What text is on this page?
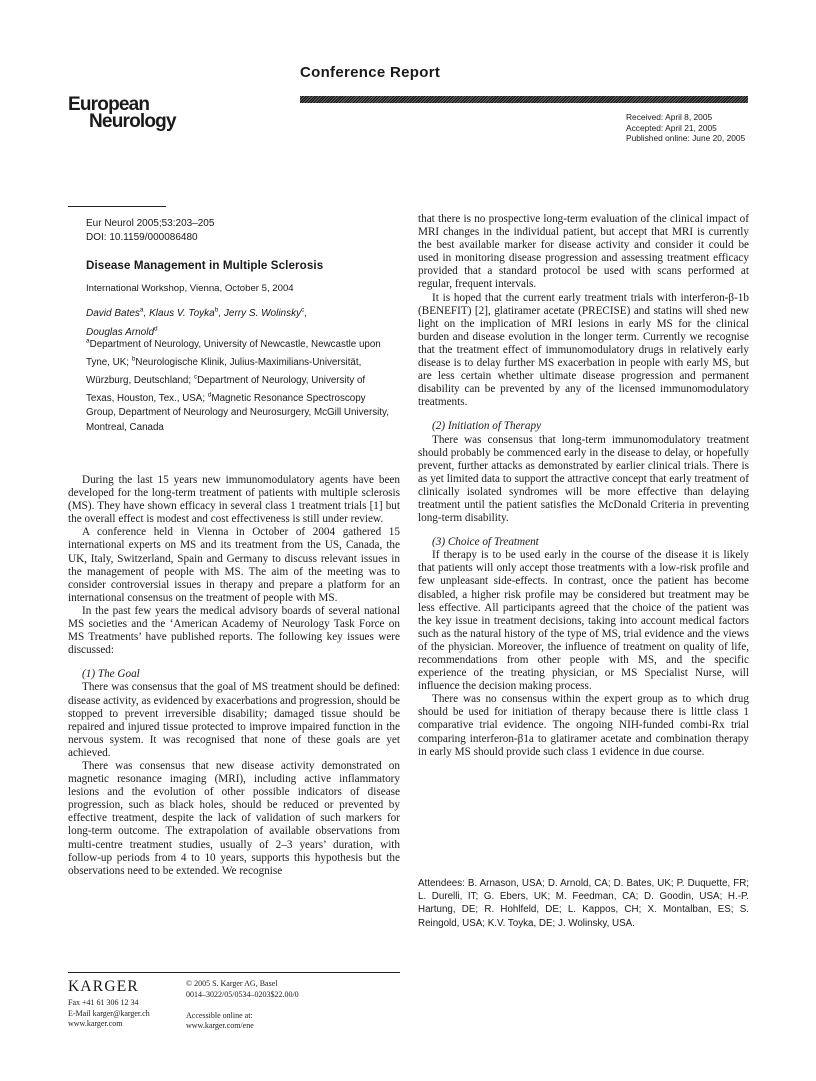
Conference Report
European
Neurology	Received: April 8, 2005
Accepted: April 21, 2005
Published online: June 20, 2005
Eur Neurol 2005;53:203–205
DOI: 10.1159/000086480
Disease Management in Multiple Sclerosis
International Workshop, Vienna, October 5, 2004
David Bates$^a$, Klaus V. Toyka$^b$, Jerry S. Wolinsky$^c$,
Douglas Arnold$^d$
$^a$Department of Neurology, University of Newcastle, Newcastle upon Tyne, UK; $^b$Neurologische Klinik, Julius-Maximilians-Universität, Würzburg, Deutschland; $^c$Department of Neurology, University of Texas, Houston, Tex., USA; $^d$Magnetic Resonance Spectroscopy Group, Department of Neurology and Neurosurgery, McGill University, Montreal, Canada

During the last 15 years new immunomodulatory agents have been developed for the long-term treatment of patients with multiple sclerosis (MS). They have shown efficacy in several class 1 treatment trials [1] but the overall effect is modest and cost effectiveness is still under review.

A conference held in Vienna in October of 2004 gathered 15 international experts on MS and its treatment from the US, Canada, the UK, Italy, Switzerland, Spain and Germany to discuss relevant issues in the management of people with MS. The aim of the meeting was to consider controversial issues in therapy and prepare a platform for an international consensus on the treatment of people with MS.

In the past few years the medical advisory boards of several national MS societies and the ‘American Academy of Neurology Task Force on MS Treatments’ have published reports. The following key issues were discussed:

(1) The Goal

There was consensus that the goal of MS treatment should be defined: disease activity, as evidenced by exacerbations and progression, should be stopped to prevent irreversible disability; damaged tissue should be repaired and injured tissue protected to improve impaired function in the nervous system. It was recognised that none of these goals are yet achieved.

There was consensus that new disease activity demonstrated on magnetic resonance imaging (MRI), including active inflammatory lesions and the evolution of other possible indicators of disease progression, such as black holes, should be reduced or prevented by effective treatment, despite the lack of validation of such markers for long-term outcome. The extrapolation of available observations from multi-centre treatment studies, usually of 2–3 years’ duration, with follow-up periods from 4 to 10 years, supports this hypothesis but the observations need to be extended. We recognise

that there is no prospective long-term evaluation of the clinical impact of MRI changes in the individual patient, but accept that MRI is currently the best available marker for disease activity and consider it could be used in monitoring disease progression and assessing treatment efficacy provided that a standard protocol be used with scans performed at regular, frequent intervals.

It is hoped that the current early treatment trials with interferon-β-1b (BENEFIT) [2], glatiramer acetate (PRECISE) and statins will shed new light on the implication of MRI lesions in early MS for the clinical burden and disease evolution in the longer term. Currently we recognise that the treatment effect of immunomodulatory drugs in relatively early disease is to delay further MS exacerbation in people with early MS, but are less certain whether ultimate disease progression and permanent disability can be prevented by any of the licensed immunomodulatory treatments.

(2) Initiation of Therapy

There was consensus that long-term immunomodulatory treatment should probably be commenced early in the disease to delay, or hopefully prevent, further attacks as demonstrated by earlier clinical trials. There is as yet limited data to support the attractive concept that early treatment of clinically isolated syndromes will be more effective than delaying treatment until the patient satisfies the McDonald Criteria in preventing long-term disability.

(3) Choice of Treatment

If therapy is to be used early in the course of the disease it is likely that patients will only accept those treatments with a low-risk profile and few unpleasant side-effects. In contrast, once the patient has become disabled, a higher risk profile may be considered but treatment may be less effective. All participants agreed that the choice of the patient was the key issue in treatment decisions, taking into account medical factors such as the natural history of the type of MS, trial evidence and the views of the physician. Moreover, the influence of treatment on quality of life, recommendations from other people with MS, and the specific experience of the treating physician, or MS Specialist Nurse, will influence the decision making process.

There was no consensus within the expert group as to which drug should be used for initiation of therapy because there is little class 1 comparative trial evidence. The ongoing NIH-funded combi-Rx trial comparing interferon-β1a to glatiramer acetate and combination therapy in early MS should provide such class 1 evidence in due course.

Attendees: B. Arnason, USA; D. Arnold, CA; D. Bates, UK; P. Duquette, FR; L. Durelli, IT; G. Ebers, UK; M. Feedman, CA; D. Goodin, USA; H.-P. Hartung, DE; R. Hohlfeld, DE; L. Kappos, CH; X. Montalban, ES; S. Reingold, USA; K.V. Toyka, DE; J. Wolinsky, USA.
KARGER
Fax +41 61 306 12 34
E-Mail karger@karger.ch
www.karger.com
© 2005 S. Karger AG, Basel
0014–3022/05/0534–0203$22.00/0
Accessible online at:
www.karger.com/ene
